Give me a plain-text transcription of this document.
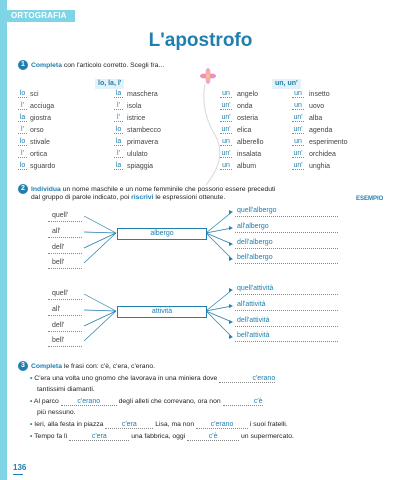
ORTOGRAFIA
L'apostrofo
1 Completa con l'articolo corretto. Scegli fra...
lo, la, l'	un, un'
lo sci
l' acciuga
la giostra
l' orso
lo stivale
l' ortica
lo sguardo
la maschera
l'	isola
l'	istrice
lo stambecco
la primavera
l'	ululato
la spiaggia
un	angelo
un' onda
un' osteria
un' elica
un	alberello
un' insalata
un	album
un	insetto
un	uovo
un' alba
un' agenda
un	esperimento
un' orchidea
un' unghia
2 Individua un nome maschile e un nome femminile che possono essere preceduti
dal gruppo di parole indicato, poi riscrivi le espressioni ottenute.	ESEMPIO
quell'
all'
dell'
bell'
albergo
quell'albergo
all'albergo
dell'albergo
bell'albergo
quell'
all'
dell'
bell'
attività
quell'attività
all'attività
dell'attività
bell'attività
3 Completa le frasi con: c'è, c'era, c'erano.
• C'era una volta uno gnomo che lavorava in una miniera dove	c'erano
tantissimi diamanti.
• Al parco	c'erano	degli alleti che correvano, ora non	c'è
più nessuno.
• Ieri, alla festa in piazza	c'era	Lisa, ma non c'erano i suoi fratelli.
• Tempo fa lì	c'era	una fabbrica, oggi	c'è	un supermercato.
136
